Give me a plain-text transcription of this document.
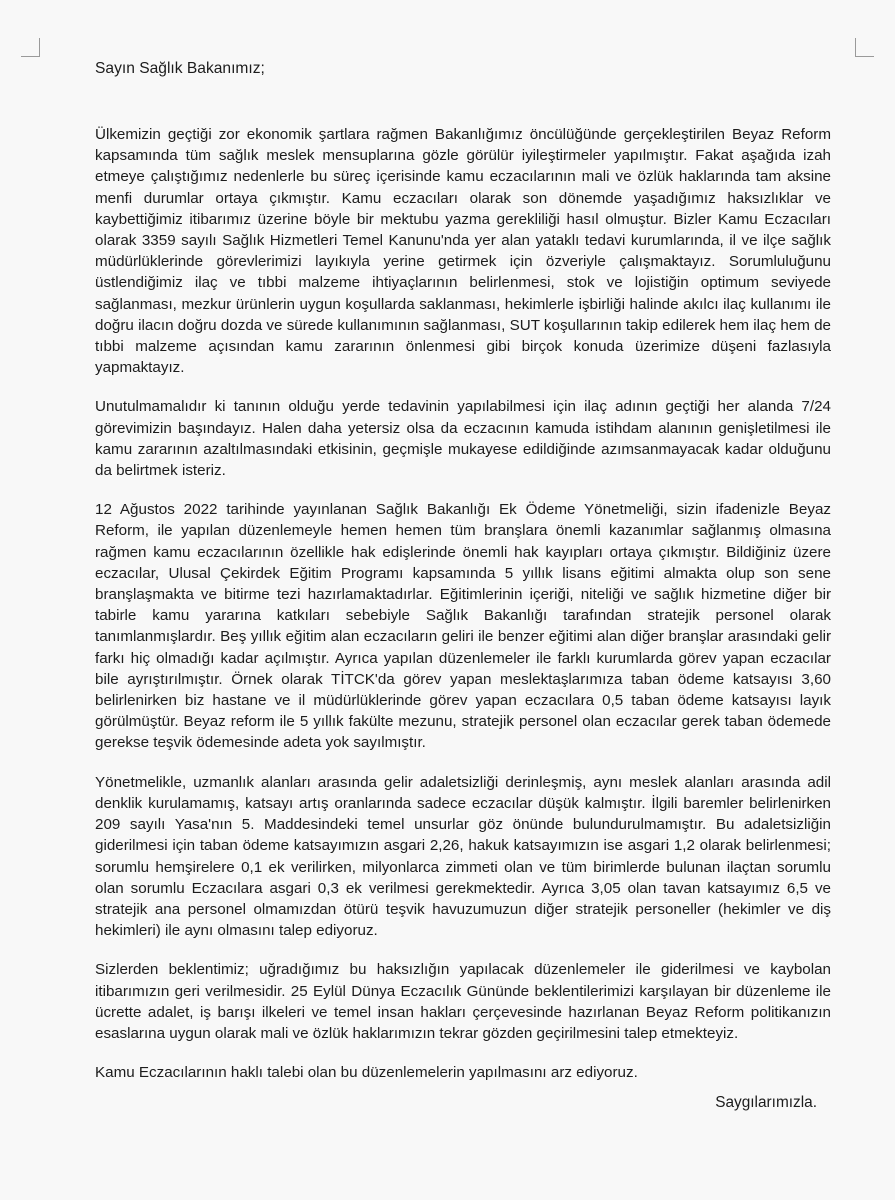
Sayın Sağlık Bakanımız;

Ülkemizin geçtiği zor ekonomik şartlara rağmen Bakanlığımız öncülüğünde gerçekleştirilen Beyaz Reform kapsamında tüm sağlık meslek mensuplarına gözle görülür iyileştirmeler yapılmıştır. Fakat aşağıda izah etmeye çalıştığımız nedenlerle bu süreç içerisinde kamu eczacılarının mali ve özlük haklarında tam aksine menfi durumlar ortaya çıkmıştır. Kamu eczacıları olarak son dönemde yaşadığımız haksızlıklar ve kaybettiğimiz itibarımız üzerine böyle bir mektubu yazma gerekliliği hasıl olmuştur. Bizler Kamu Eczacıları olarak 3359 sayılı Sağlık Hizmetleri Temel Kanunu'nda yer alan yataklı tedavi kurumlarında, il ve ilçe sağlık müdürlüklerinde görevlerimizi layıkıyla yerine getirmek için özveriyle çalışmaktayız. Sorumluluğunu üstlendiğimiz ilaç ve tıbbi malzeme ihtiyaçlarının belirlenmesi, stok ve lojistiğin optimum seviyede sağlanması, mezkur ürünlerin uygun koşullarda saklanması, hekimlerle işbirliği halinde akılcı ilaç kullanımı ile doğru ilacın doğru dozda ve sürede kullanımının sağlanması, SUT koşullarının takip edilerek hem ilaç hem de tıbbi malzeme açısından kamu zararının önlenmesi gibi birçok konuda üzerimize düşeni fazlasıyla yapmaktayız.

Unutulmamalıdır ki tanının olduğu yerde tedavinin yapılabilmesi için ilaç adının geçtiği her alanda 7/24 görevimizin başındayız. Halen daha yetersiz olsa da eczacının kamuda istihdam alanının genişletilmesi ile kamu zararının azaltılmasındaki etkisinin, geçmişle mukayese edildiğinde azımsanmayacak kadar olduğunu da belirtmek isteriz.

12 Ağustos 2022 tarihinde yayınlanan Sağlık Bakanlığı Ek Ödeme Yönetmeliği, sizin ifadenizle Beyaz Reform, ile yapılan düzenlemeyle hemen hemen tüm branşlara önemli kazanımlar sağlanmış olmasına rağmen kamu eczacılarının özellikle hak edişlerinde önemli hak kayıpları ortaya çıkmıştır. Bildiğiniz üzere eczacılar, Ulusal Çekirdek Eğitim Programı kapsamında 5 yıllık lisans eğitimi almakta olup son sene branşlaşmakta ve bitirme tezi hazırlamaktadırlar. Eğitimlerinin içeriği, niteliği ve sağlık hizmetine diğer bir tabirle kamu yararına katkıları sebebiyle Sağlık Bakanlığı tarafından stratejik personel olarak tanımlanmışlardır. Beş yıllık eğitim alan eczacıların geliri ile benzer eğitimi alan diğer branşlar arasındaki gelir farkı hiç olmadığı kadar açılmıştır. Ayrıca yapılan düzenlemeler ile farklı kurumlarda görev yapan eczacılar bile ayrıştırılmıştır. Örnek olarak TİTCK'da görev yapan meslektaşlarımıza taban ödeme katsayısı 3,60 belirlenirken biz hastane ve il müdürlüklerinde görev yapan eczacılara 0,5 taban ödeme katsayısı layık görülmüştür. Beyaz reform ile 5 yıllık fakülte mezunu, stratejik personel olan eczacılar gerek taban ödemede gerekse teşvik ödemesinde adeta yok sayılmıştır.

Yönetmelikle, uzmanlık alanları arasında gelir adaletsizliği derinleşmiş, aynı meslek alanları arasında adil denklik kurulamamış, katsayı artış oranlarında sadece eczacılar düşük kalmıştır. İlgili baremler belirlenirken 209 sayılı Yasa'nın 5. Maddesindeki temel unsurlar göz önünde bulundurulmamıştır. Bu adaletsizliğin giderilmesi için taban ödeme katsayımızın asgari 2,26, hakuk katsayımızın ise asgari 1,2 olarak belirlenmesi; sorumlu hemşirelere 0,1 ek verilirken, milyonlarca zimmeti olan ve tüm birimlerde bulunan ilaçtan sorumlu olan sorumlu Eczacılara asgari 0,3 ek verilmesi gerekmektedir. Ayrıca 3,05 olan tavan katsayımız 6,5 ve stratejik ana personel olmamızdan ötürü teşvik havuzumuzun diğer stratejik personeller (hekimler ve diş hekimleri) ile aynı olmasını talep ediyoruz.

Sizlerden beklentimiz; uğradığımız bu haksızlığın yapılacak düzenlemeler ile giderilmesi ve kaybolan itibarımızın geri verilmesidir. 25 Eylül Dünya Eczacılık Gününde beklentilerimizi karşılayan bir düzenleme ile ücrette adalet, iş barışı ilkeleri ve temel insan hakları çerçevesinde hazırlanan Beyaz Reform politikanızın esaslarına uygun olarak mali ve özlük haklarımızın tekrar gözden geçirilmesini talep etmekteyiz.

Kamu Eczacılarının haklı talebi olan bu düzenlemelerin yapılmasını arz ediyoruz.

Saygılarımızla.
